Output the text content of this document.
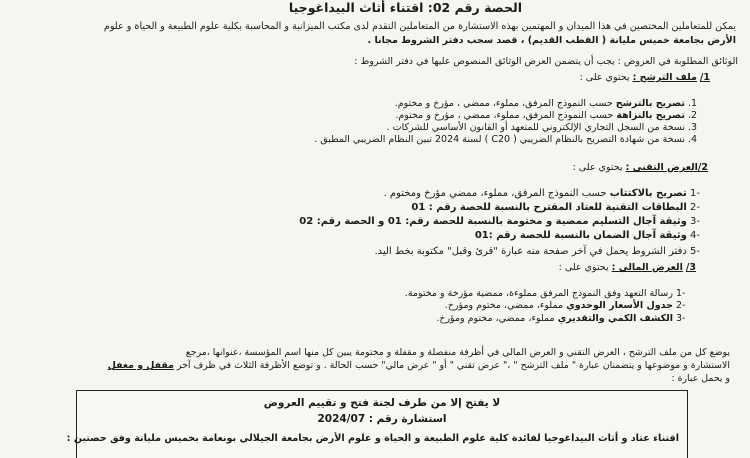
الحصة رقم 02: اقتناء أثاث البيداغوجيا
يمكن للمتعاملين المختصين في هذا الميدان و المهتمين بهذه الاستشارة من المتعاملين التقدم لدى مكتب الميزانية و المحاسبة بكلية علوم الطبيعة و الحياة و علوم
الأرض بجامعة خميس مليانة ( القطب القديم) ، قصد سحب دفتر الشروط مجانا .
الوثائق المطلوبة في العروض : يجب أن يتضمن العرض الوثائق المنصوص عليها في دفتر الشروط :
1/ ملف الترشح : يحتوي على :
1. تصريح بالترشح حسب النموذج المرفق، مملوء، ممضي ، مؤرخ و مختوم.
2. تصريح بالنزاهة حسب النموذج المرفق، مملوء، ممضي ، مؤرخ و مختوم.
3. نسخة من السجل التجاري الإلكتروني للمتعهد أو القانون الأساسي للشركات .
4. نسخة من شهادة التصريح بالنظام الضريبي ( C20 ) لسنة 2024 تبين النظام الضريبي المطبق .
2/العرض التقني : يحتوي على :
-1 تصريح بالاكتتاب حسب النموذج المرفق، مملوء، ممضي مؤرخ ومختوم .
-2 البطاقات التقنية للعتاد المقترح بالنسبة للحصة رقم : 01
-3 وثيقة آجال التسليم ممضية و مختومة بالنسبة للحصة رقم: 01 و الحصة رقم: 02
-4 وثيقة آجال الضمان بالنسبة للحصة رقم :01
-5 دفتر الشروط يحمل في آخر صفحة منه عبارة "قرئ وقبل" مكتوبة بخط اليد.
3/ العرض المالي : يحتوي على :
-1 رسالة التعهد وفق النموذج المرفق مملوءة، ممضية مؤرخة و مختومة.
-2 جدول الأسعار الوحدوي مملوء، ممضي، مختوم ومؤرخ.
-3 الكشف الكمي والتقديري مملوء، ممضي، مختوم ومؤرخ.
يوضع كل من ملف الترشح ، العرض التقني و العرض المالي في أظرفة منفصلة و مقفلة و مختومة يبين كل منها اسم المؤسسة ،عنوانها ،مرجع
الاستشارة و موضوعها و يتضمنان عبارة " ملف الترشح " ،" عرض تقني " أو " عرض مالي" حسب الحالة . و توضع الأظرفة الثلاث في ظرف آخر مقفل و مغفل
و يحمل عبارة :
لا يفتح إلا من طرف لجنة فتح و تقييم العروض
استشارة رقم : 2024/07
اقتناء عتاد و أثاث البيداغوجيا لفائدة كلية علوم الطبيعة و الحياة و علوم الأرض بجامعة الجيلالي بونعامة بخميس مليانة وفق حصتين :
